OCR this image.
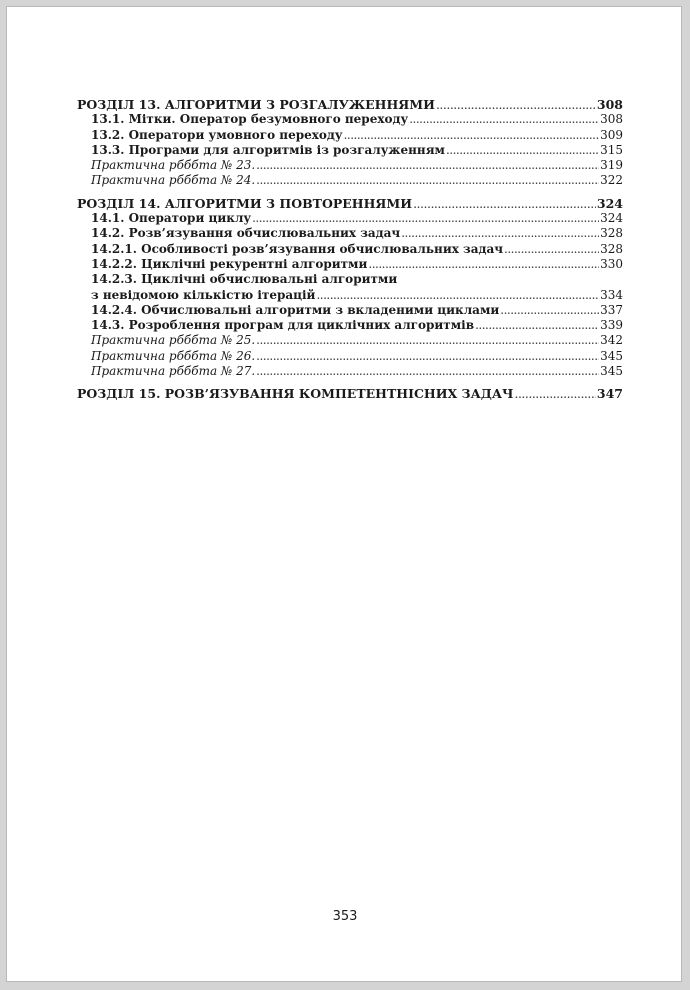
РОЗДІЛ 13. АЛГОРИТМИ З РОЗГАЛУЖЕННЯМИ .....	308
13.1. Мітки. Оператор безумовного переходу .....	308
13.2. Оператори умовного переходу .....	309
13.3. Програми для алгоритмів із розгалуженням .....	315
Практична рбббта № 23. .....	319
Практична рбббта № 24. .....	322
РОЗДІЛ 14. АЛГОРИТМИ З ПОВТОРЕННЯМИ .....	324
14.1. Оператори циклу .....	324
14.2. Розв’язування обчислювальних задач .....	328
14.2.1. Особливості розв’язування обчислювальних задач .....	328
14.2.2. Циклічні рекурентні алгоритми .....	330
14.2.3. Циклічні обчислювальні алгоритми
з невідомою кількістю ітерацій .....	334
14.2.4. Обчислювальні алгоритми з вкладеними циклами .....	337
14.3. Розроблення програм для циклічних алгоритмів .....	339
Практична рбббта № 25. .....	342
Практична рбббта № 26. .....	345
Практична рбббта № 27. .....	345
РОЗДІЛ 15. РОЗВ’ЯЗУВАННЯ КОМПЕТЕНТНІСНИХ ЗАДАЧ .....	347
353
